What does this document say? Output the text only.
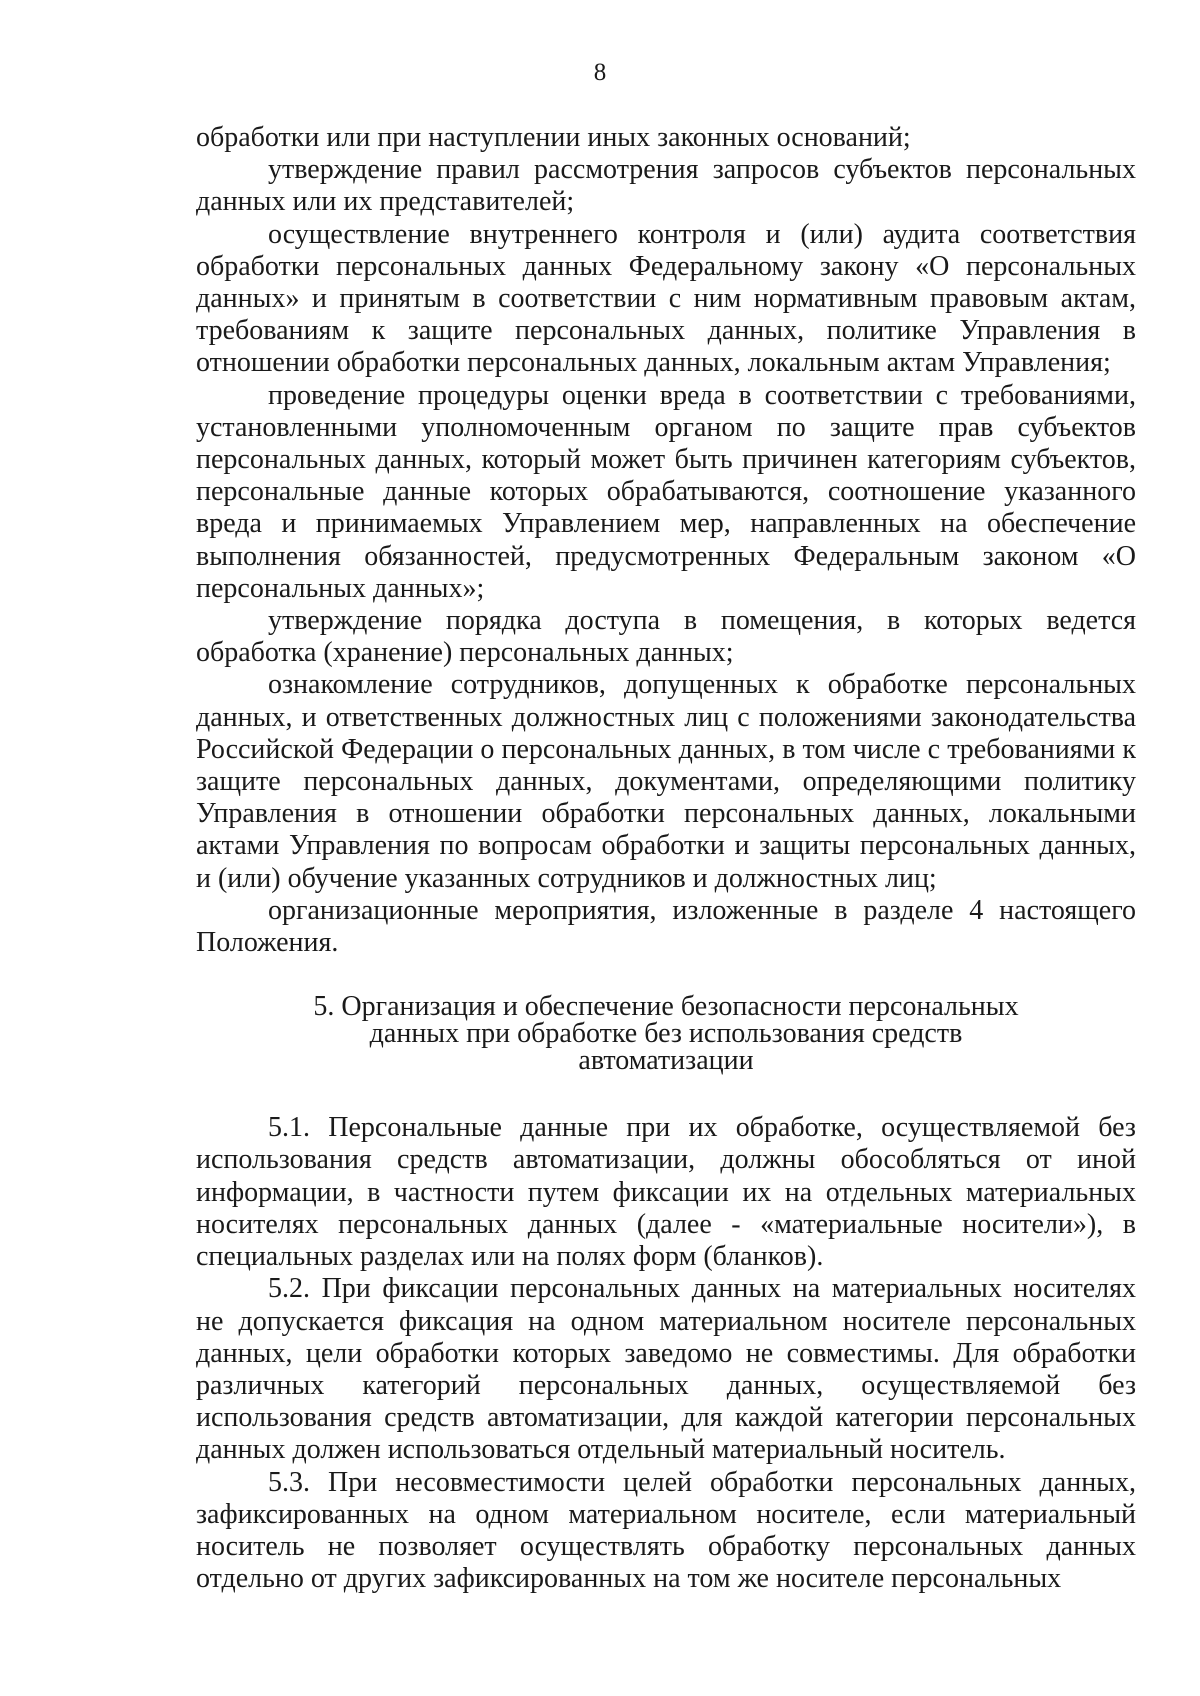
8

обработки или при наступлении иных законных оснований;

утверждение правил рассмотрения запросов субъектов персональных данных или их представителей;

осуществление внутреннего контроля и (или) аудита соответствия обработки персональных данных Федеральному закону «О персональных данных» и принятым в соответствии с ним нормативным правовым актам, требованиям к защите персональных данных, политике Управления в отношении обработки персональных данных, локальным актам Управления;

проведение процедуры оценки вреда в соответствии с требованиями, установленными уполномоченным органом по защите прав субъектов персональных данных, который может быть причинен категориям субъектов, персональные данные которых обрабатываются, соотношение указанного вреда и принимаемых Управлением мер, направленных на обеспечение выполнения обязанностей, предусмотренных Федеральным законом «О персональных данных»;

утверждение порядка доступа в помещения, в которых ведется обработка (хранение) персональных данных;

ознакомление сотрудников, допущенных к обработке персональных данных, и ответственных должностных лиц с положениями законодательства Российской Федерации о персональных данных, в том числе с требованиями к защите персональных данных, документами, определяющими политику Управления в отношении обработки персональных данных, локальными актами Управления по вопросам обработки и защиты персональных данных, и (или) обучение указанных сотрудников и должностных лиц;

организационные мероприятия, изложенные в разделе 4 настоящего Положения.

5. Организация и обеспечение безопасности персональных
данных при обработке без использования средств
автоматизации

5.1. Персональные данные при их обработке, осуществляемой без использования средств автоматизации, должны обособляться от иной информации, в частности путем фиксации их на отдельных материальных носителях персональных данных (далее - «материальные носители»), в специальных разделах или на полях форм (бланков).

5.2. При фиксации персональных данных на материальных носителях не допускается фиксация на одном материальном носителе персональных данных, цели обработки которых заведомо не совместимы. Для обработки различных категорий персональных данных, осуществляемой без использования средств автоматизации, для каждой категории персональных данных должен использоваться отдельный материальный носитель.

5.3. При несовместимости целей обработки персональных данных, зафиксированных на одном материальном носителе, если материальный носитель не позволяет осуществлять обработку персональных данных отдельно от других зафиксированных на том же носителе персональных
